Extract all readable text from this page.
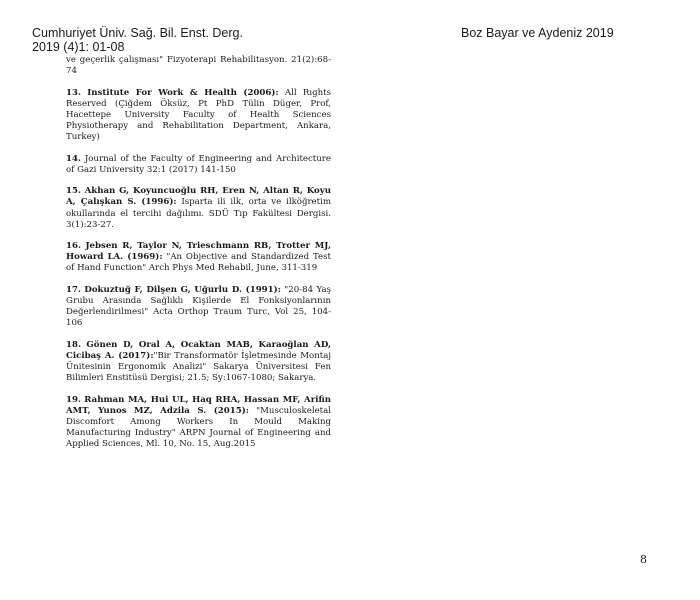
Cumhuriyet Üniv. Sağ. Bil. Enst. Derg.
2019 (4)1: 01-08
Boz Bayar ve Aydeniz 2019

ve geçerlik çalışması" Fizyoterapi Rehabilitasyon. 21(2):68-74

13. Institute For Work & Health (2006): All Rıghts Reserved (Çiğdem Öksüz, Pt PhD Tülin Düger, Prof, Hacettepe University Faculty of Health Sciences Physiotherapy and Rehabilitation Department, Ankara, Turkey)

14. Journal of the Faculty of Engineering and Architecture of Gazi University 32:1 (2017) 141-150

15. Akhan G, Koyuncuoğlu RH, Eren N, Altan R, Koyu A, Çalışkan S. (1996): Isparta ili ilk, orta ve ilköğretim okullarında el tercihi dağılımı. SDÜ Tıp Fakültesi Dergisi. 3(1):23-27.

16. Jebsen R, Taylor N, Trieschmann RB, Trotter MJ, Howard LA. (1969): "An Objective and Standardized Test of Hand Function" Arch Phys Med Rehabil, June, 311-319

17. Dokuztuğ F, Dilşen G, Uğurlu D. (1991): "20-84 Yaş Grubu Arasında Sağlıklı Kişilerde El Fonksiyonlarının Değerlendirilmesi" Acta Orthop Traum Turc, Vol 25, 104-106

18. Gönen D, Oral A, Ocaktan MAB, Karaoğlan AD, Cicibaş A. (2017):"Bir Transformatör İşletmesinde Montaj Ünitesinin Ergonomik Analizi" Sakarya Üniversitesi Fen Bilimleri Enstitüsü Dergisi; 21.5; Sy:1067-1080; Sakarya.

19. Rahman MA, Hui UL, Haq RHA, Hassan MF, Arifin AMT, Yunos MZ, Adzila S. (2015): "Musculoskeletal Discomfort Among Workers In Mould Making Manufacturing Industry" ARPN Journal of Engineering and Applied Sciences, Ml. 10, No. 15, Aug.2015

8
